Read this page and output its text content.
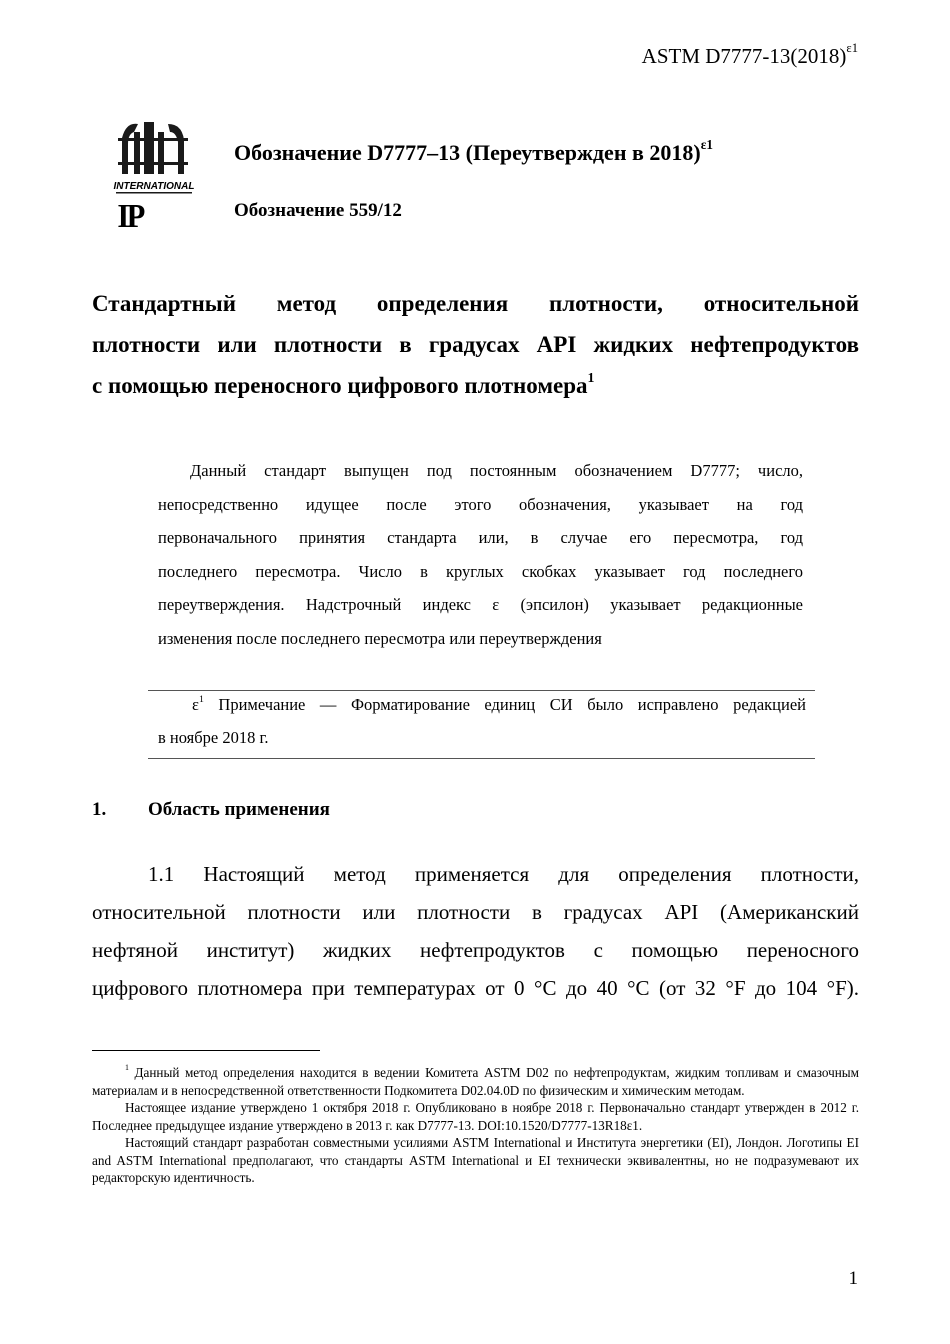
ASTM $D7777-13(2018)^{\varepsilon 1}$
INTERNATIONAL
IP
Обозначение D7777–13 (Переутвержден в 2018)$^{\varepsilon 1}$
Обозначение 559/12

Стандартный метод определения плотности, относительной

плотности или плотности в градусах API жидких нефтепродуктов

с помощью переносного цифрового плотномера$^1$

Данный стандарт выпущен под постоянным обозначением D7777; число,

непосредственно идущее после этого обозначения, указывает на год

первоначального принятия стандарта или, в случае его пересмотра, год

последнего пересмотра. Число в круглых скобках указывает год последнего

переутверждения. Надстрочный индекс ε (эпсилон) указывает редакционные

изменения после последнего пересмотра или переутверждения

$\varepsilon^1$ Примечание — Форматирование единиц СИ было исправлено редакцией

в ноябре 2018 г.

1. Область применения

1.1 Настоящий метод применяется для определения плотности,

относительной плотности или плотности в градусах API (Американский

нефтяной институт) жидких нефтепродуктов с помощью переносного

цифрового плотномера при температурах от 0 °C до 40 °C (от 32 °F до 104 °F).

$^1$ Данный метод определения находится в ведении Комитета ASTM D02 по нефтепродуктам, жидким топливам и смазочным материалам и в непосредственной ответственности Подкомитета D02.04.0D по физическим и химическим методам.

Настоящее издание утверждено 1 октября 2018 г. Опубликовано в ноябре 2018 г. Первоначально стандарт утвержден в 2012 г. Последнее предыдущее издание утверждено в 2013 г. как D7777-13. DOI:10.1520/D7777-13R18ε1.

Настоящий стандарт разработан совместными усилиями ASTM International и Института энергетики (EI), Лондон. Логотипы EI and ASTM International предполагают, что стандарты ASTM International и EI технически эквивалентны, но не подразумевают их редакторскую идентичность.

1
